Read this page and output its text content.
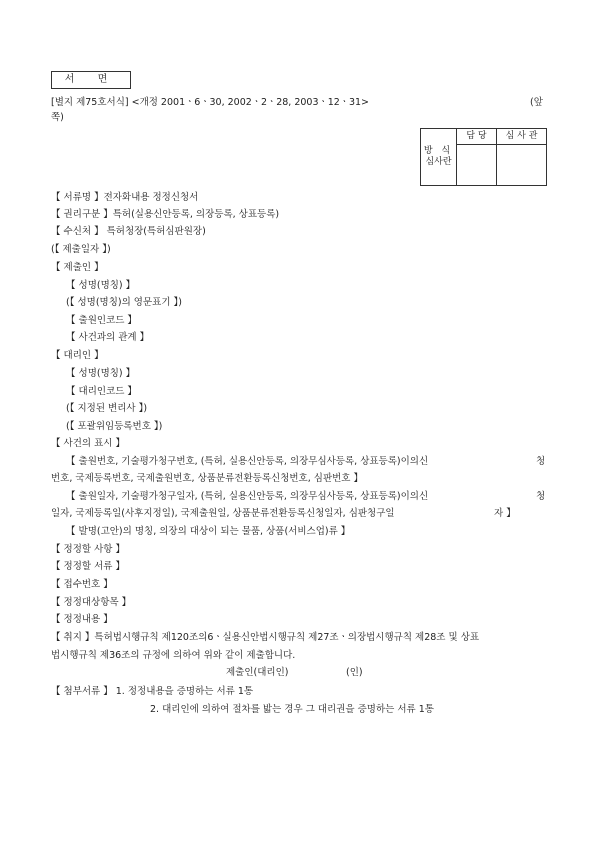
서 면
[별지 제75호서식] <개정 2001ㆍ6ㆍ30, 2002ㆍ2ㆍ28, 2003ㆍ12ㆍ31>	(앞
쪽)
방 식
심사란	담 당	심 사 관

【 서류명 】전자화내용 정정신청서
【 권리구분 】특허(실용신안등록, 의장등록, 상표등록)
【 수신처 】 특허청장(특허심판원장)
(【 제출일자 】)
【 제출인 】
【 성명(명칭) 】
(【 성명(명칭)의 영문표기 】)
【 출원인코드 】
【 사건과의 관계 】
【 대리인 】
【 성명(명칭) 】
【 대리인코드 】
(【 지정된 변리사 】)
(【 포괄위임등록번호 】)
【 사건의 표시 】
【 출원번호, 기술평가청구번호, (특허, 실용신안등록, 의장무심사등록, 상표등록)이의신	청
번호, 국제등록번호, 국제출원번호, 상품분류전환등록신청번호, 심판번호 】
【 출원일자, 기술평가청구일자, (특허, 실용신안등록, 의장무심사등록, 상표등록)이의신	청
일자, 국제등록일(사후지정일), 국제출원일, 상품분류전환등록신청일자, 심판청구일	자 】
【 발명(고안)의 명칭, 의장의 대상이 되는 물품, 상품(서비스업)류 】
【 정정할 사항 】
【 정정할 서류 】
【 접수번호 】
【 정정대상항목 】
【 정정내용 】
【 취지 】특허법시행규칙 제120조의6ㆍ실용신안법시행규칙 제27조ㆍ의장법시행규칙 제28조 및 상표
법시행규칙 제36조의 규정에 의하여 위와 같이 제출합니다.
제출인(대리인)	(인)
【 첨부서류 】 1. 정정내용을 증명하는 서류 1통
2. 대리인에 의하여 절차를 밟는 경우 그 대리권을 증명하는 서류 1통
